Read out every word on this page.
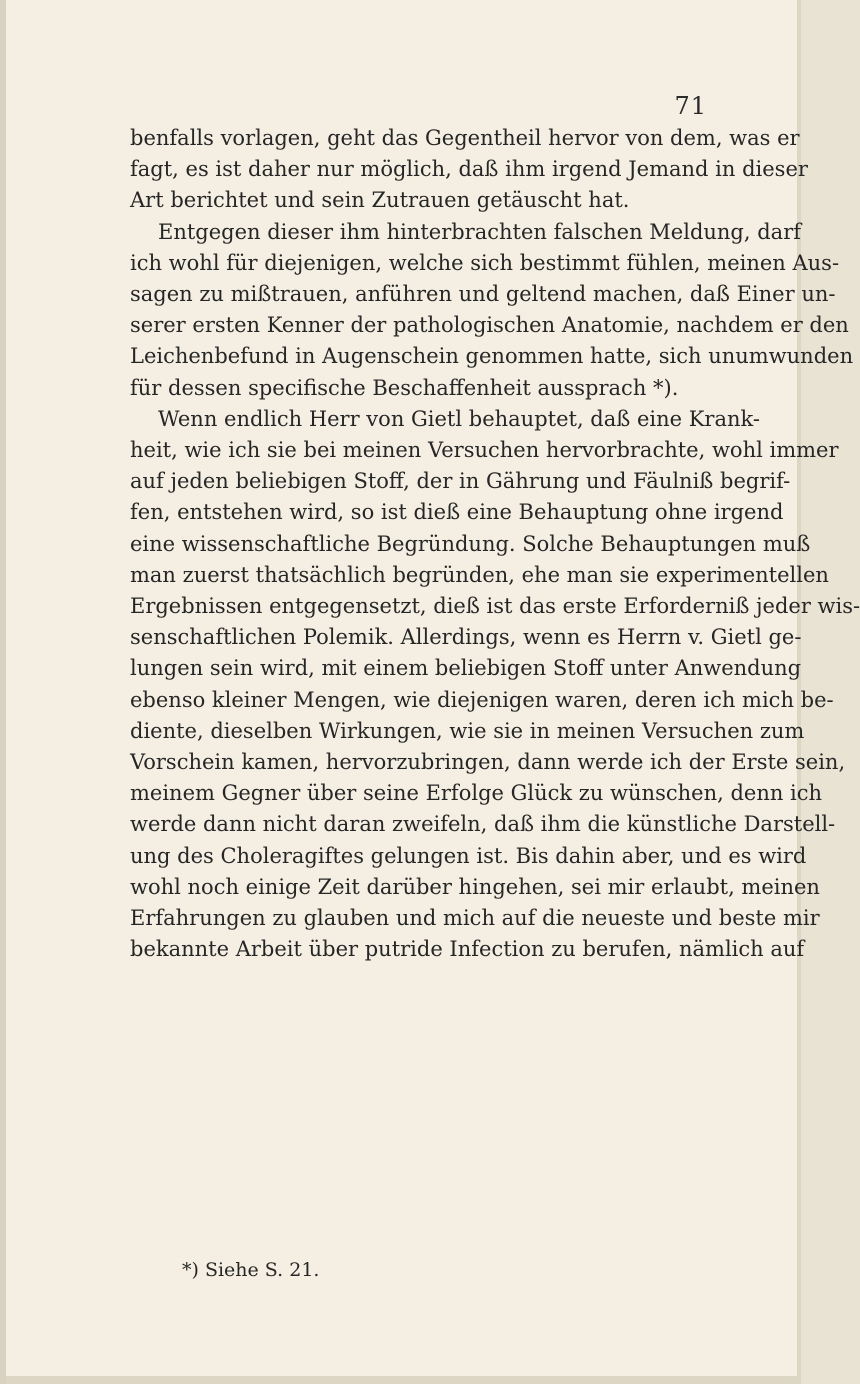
71
benfalls vorlagen, geht das Gegentheil hervor von dem, was er
fagt, es ist daher nur möglich, daß ihm irgend Jemand in dieser
Art berichtet und sein Zutrauen getäuscht hat.
Entgegen dieser ihm hinterbrachten falschen Meldung, darf
ich wohl für diejenigen, welche sich bestimmt fühlen, meinen Aus-
sagen zu mißtrauen, anführen und geltend machen, daß Einer un-
serer ersten Kenner der pathologischen Anatomie, nachdem er den
Leichenbefund in Augenschein genommen hatte, sich unumwunden
für dessen specifische Beschaffenheit aussprach *).
Wenn endlich Herr von Gietl behauptet, daß eine Krank-
heit, wie ich sie bei meinen Versuchen hervorbrachte, wohl immer
auf jeden beliebigen Stoff, der in Gährung und Fäulniß begrif-
fen, entstehen wird, so ist dieß eine Behauptung ohne irgend
eine wissenschaftliche Begründung. Solche Behauptungen muß
man zuerst thatsächlich begründen, ehe man sie experimentellen
Ergebnissen entgegensetzt, dieß ist das erste Erforderniß jeder wis-
senschaftlichen Polemik. Allerdings, wenn es Herrn v. Gietl ge-
lungen sein wird, mit einem beliebigen Stoff unter Anwendung
ebenso kleiner Mengen, wie diejenigen waren, deren ich mich be-
diente, dieselben Wirkungen, wie sie in meinen Versuchen zum
Vorschein kamen, hervorzubringen, dann werde ich der Erste sein,
meinem Gegner über seine Erfolge Glück zu wünschen, denn ich
werde dann nicht daran zweifeln, daß ihm die künstliche Darstell-
ung des Choleragiftes gelungen ist. Bis dahin aber, und es wird
wohl noch einige Zeit darüber hingehen, sei mir erlaubt, meinen
Erfahrungen zu glauben und mich auf die neueste und beste mir
bekannte Arbeit über putride Infection zu berufen, nämlich auf
*) Siehe S. 21.
